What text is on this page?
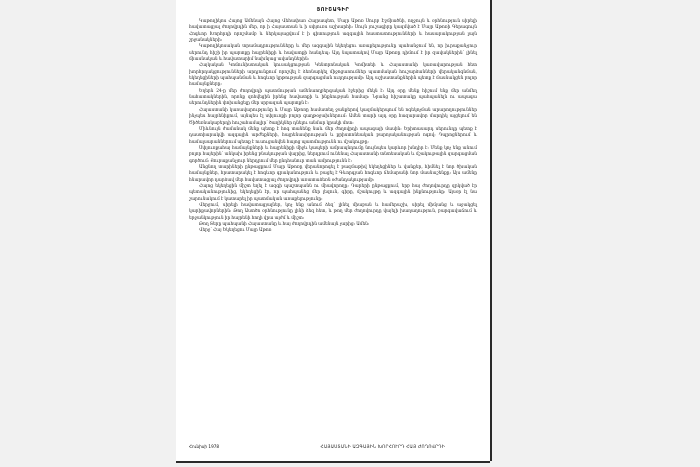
ՅՈՒՇԱԳԻՐ

Կաթողիկոս Հայոց Ամենայն Հայոց Վեհափառ Հայրապետ, Մայր Աթոռ Սուրբ Էջմիածնի, ողջույն և օրհնություն սիրելի հավատացյալ ժողովրդին մեր, որ ի Հայաստան և ի սփյուռս աշխարհի։ Սույն յուշագիրը կազմված է Մայր Աթոռի Գերագույն Հոգևոր Խորհրդի որոշմամբ և ներկայացվում է ի գիտություն ազգային հաստատությունների և հասարակության լայն շրջանակների։

Կաթողիկոսական տրամադրությունները և մեր ազգային եկեղեցու առաքելությունը պահանջում են, որ իւրաքանչյուր սերունդ հիշի իր պարտքը հայրենիքի և հավատքի հանդեպ։ Այդ նպատակով Մայր Աթոռը դիմում է իր զավակներին՝ լինել միասնական և հավատարիմ նախնյաց ավանդներին։

Հայկական Կոմունիստական կուսակցության Կենտրոնական Կոմիտեի և Հայաստանի կառավարության հետ խորհրդակցությունների արդյունքում որոշվել է ձեռնարկել միջոցառումներ պատմական հուշարձանների վերականգնման, եկեղեցիների պահպանման և հոգևոր կրթության զարգացման ուղղությամբ։ Այդ աշխատանքներին պետք է մասնակցեն բոլոր համայնքները։

Եղերն 24-ը մեր ժողովրդի պատմության ամենաողբերգական էջերից մեկն է։ Այդ օրը մենք հիշում ենք մեր անմեղ նահատակներին, որոնք զոհվեցին իրենց հավատքի և ինքնության համար։ Նրանց հիշատակը պահպանելն ու ապագա սերունդներին փոխանցելը մեր սրբազան պարտքն է։

Հայաստանի կառավարությունը և Մայր Աթոռը համատեղ ջանքերով կազմակերպում են ոգեկոչման արարողություններ ինչպես հայրենիքում, այնպես էլ սփյուռքի բոլոր գաղթօջախներում։ Ամեն տարի այդ օրը հազարավոր մարդիկ այցելում են Ծիծեռնակաբերդի հուշահամալիր՝ ծաղիկներ դնելու անմար կրակի մոտ։

Միևնույն ժամանակ մենք պետք է հոգ տանենք նաև մեր ժողովրդի ապագայի մասին։ Երիտասարդ սերունդը պետք է դաստիարակվի ազգային արժեքների, հայրենասիրության և քրիստոնեական բարոյականության ոգով։ Դպրոցներում և համալսարաններում պետք է ուսուցանվեն հայոց պատմությունն ու մշակույթը։

Սփյուռքահայ համայնքների և հայրենիքի միջև կապերի ամրապնդումը նույնպես կարևոր խնդիր է։ Մենք կոչ ենք անում բոլոր հայերին՝ անկախ իրենց բնակության վայրից, ներդրում ունենալ Հայաստանի տնտեսական և մշակութային զարգացման գործում։ Յուրաքանչյուր ներդրում մեր ընդհանուր տան ամրությունն է։

Անցնող տարիների ընթացքում Մայր Աթոռը վերանորոգել է բազմաթիվ եկեղեցիներ և վանքեր, հիմնել է նոր ծխական համայնքներ, հրատարակել է հոգևոր գրականություն և բացել է Գևորգյան հոգևոր ճեմարանի նոր մասնաշենքը։ Այս ամենը հնարավոր դարձավ մեր հավատացյալ ժողովրդի առատաձեռն օժանդակությամբ։

Հայոց եկեղեցին միշտ եղել է ազգի պաշտպանն ու միավորողը։ Դարերի ընթացքում, երբ հայ ժողովուրդը զրկված էր պետականությունից, եկեղեցին էր, որ պահպանեց մեր լեզուն, գիրը, մշակույթը և ազգային ինքնությունը։ Այսօր էլ նա շարունակում է կատարել իր պատմական առաքելությունը։

Վերջում, սիրելի հավատացյալներ, կոչ ենք անում ձեզ՝ լինել միաբան և համերաշխ, սիրել միմյանց և աջակցել կարիքավորներին։ Թող Աստծո օրհնությունը լինի ձեզ հետ, և թող մեր ժողովուրդը վայելի խաղաղություն, բարգավաճում և երջանկություն իր հայրենի հողի վրա այժմ և միշտ։

Թող Տերը պահպանի Հայաստանը և հայ ժողովրդին ամենայն չարից։ Ամեն։

Վերջ՝ Հայ Եկեղեցու Մայր Աթոռ

Հունիսի 1978	ՀԱՅԱՍՏԱՆԻ ԱԶԳԱՅԻՆ ԽՈՐՀՈՒՐԴ ՀԱՅ ԺՈՂՈՎՐԴԻ
